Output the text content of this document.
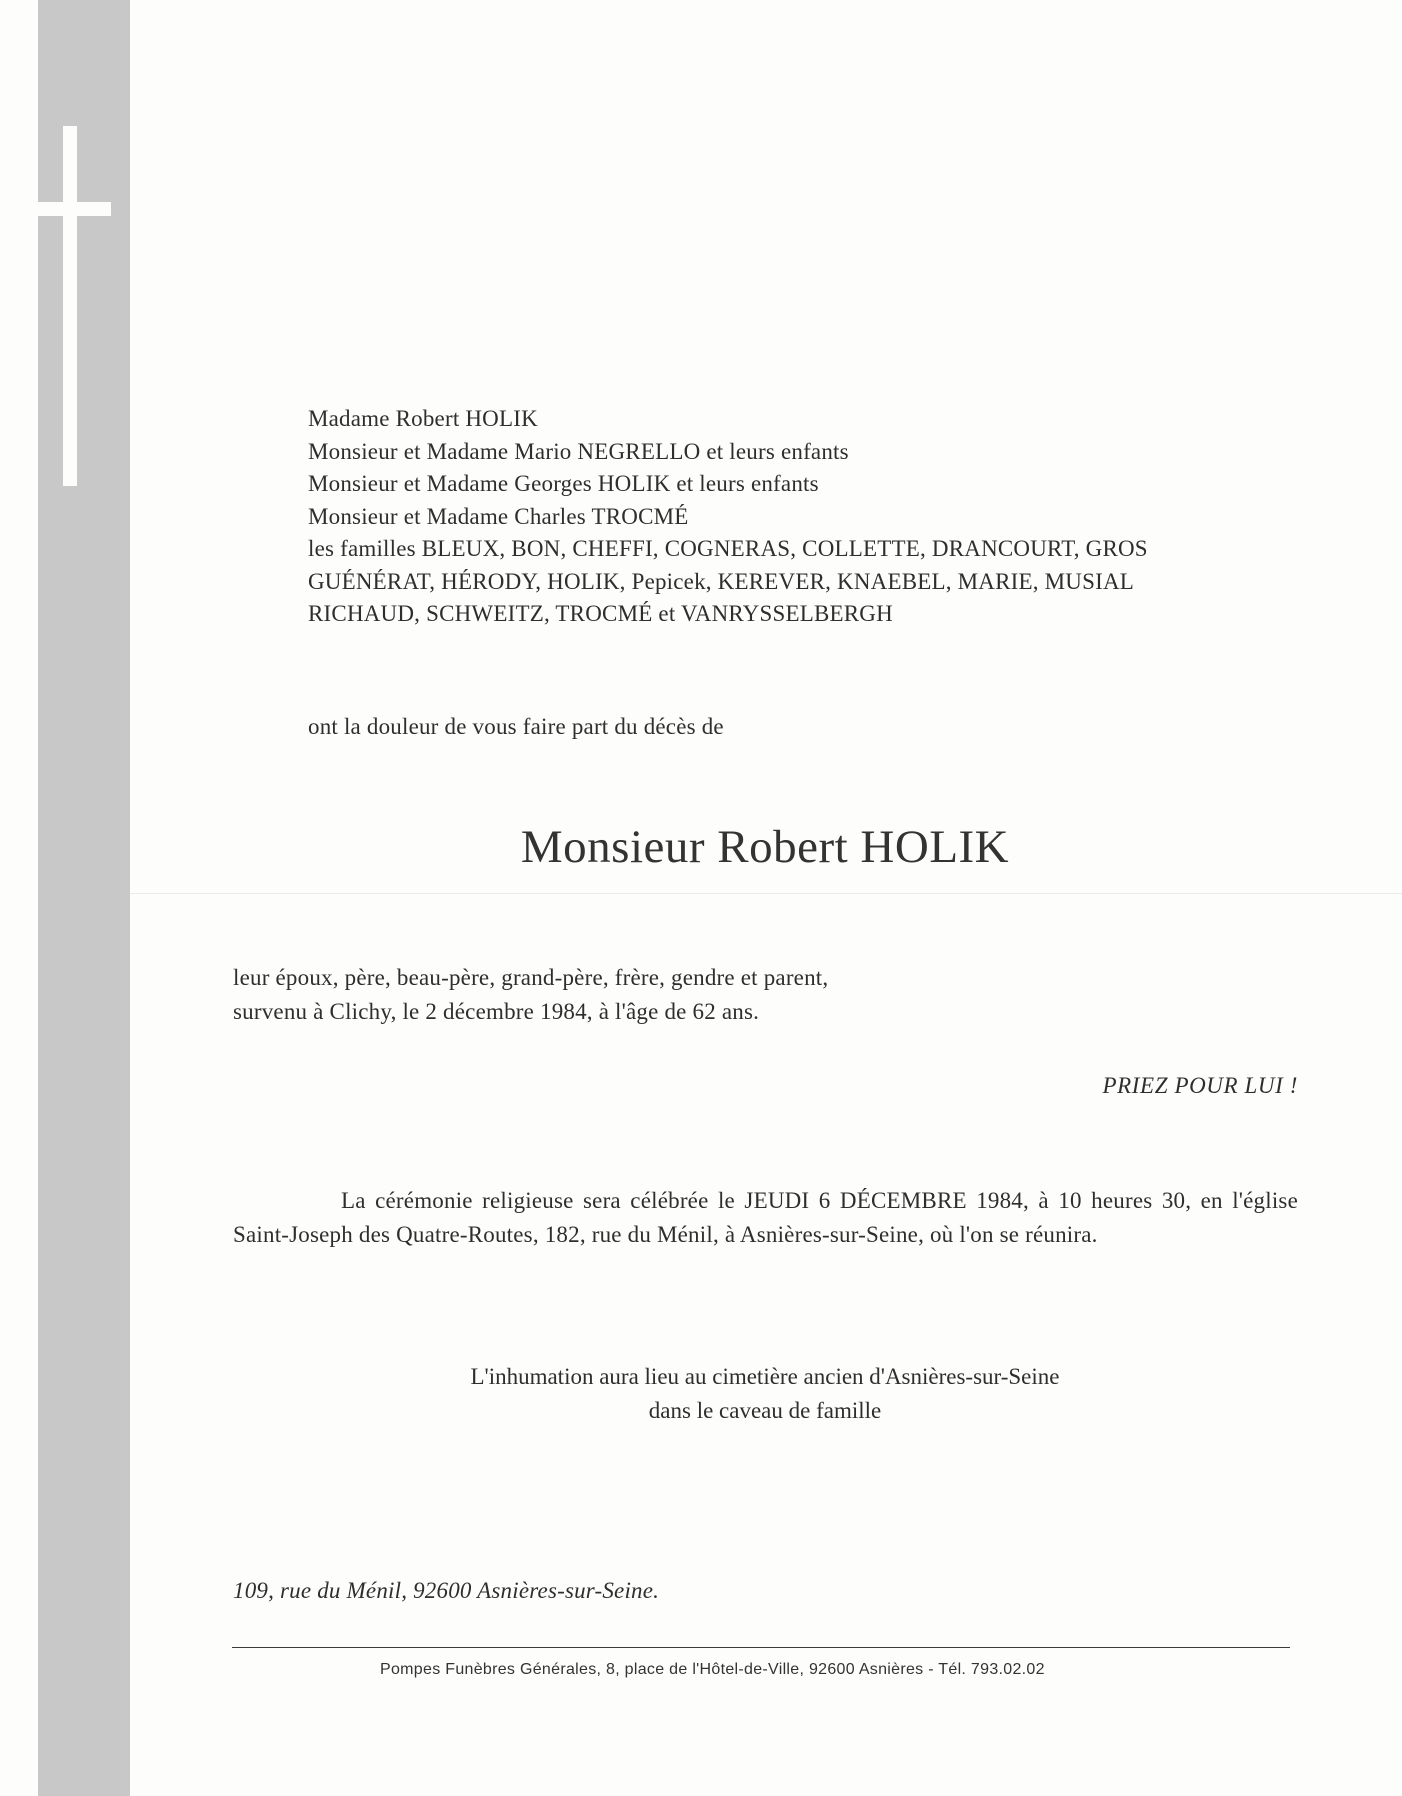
Madame Robert HOLIK
Monsieur et Madame Mario NEGRELLO et leurs enfants
Monsieur et Madame Georges HOLIK et leurs enfants
Monsieur et Madame Charles TROCMÉ
les familles BLEUX, BON, CHEFFI, COGNERAS, COLLETTE, DRANCOURT, GROS
GUÉNÉRAT, HÉRODY, HOLIK, Pepicek, KEREVER, KNAEBEL, MARIE, MUSIAL
RICHAUD, SCHWEITZ, TROCMÉ et VANRYSSELBERGH
ont la douleur de vous faire part du décès de
Monsieur Robert HOLIK
leur époux, père, beau-père, grand-père, frère, gendre et parent,
survenu à Clichy, le 2 décembre 1984, à l'âge de 62 ans.
PRIEZ POUR LUI !
La cérémonie religieuse sera célébrée le JEUDI 6 DÉCEMBRE 1984, à 10 heures 30, en l'église Saint-Joseph des Quatre-Routes, 182, rue du Ménil, à Asnières-sur-Seine, où l'on se réunira.
L'inhumation aura lieu au cimetière ancien d'Asnières-sur-Seine
dans le caveau de famille
109, rue du Ménil, 92600 Asnières-sur-Seine.
Pompes Funèbres Générales, 8, place de l'Hôtel-de-Ville, 92600 Asnières - Tél. 793.02.02
